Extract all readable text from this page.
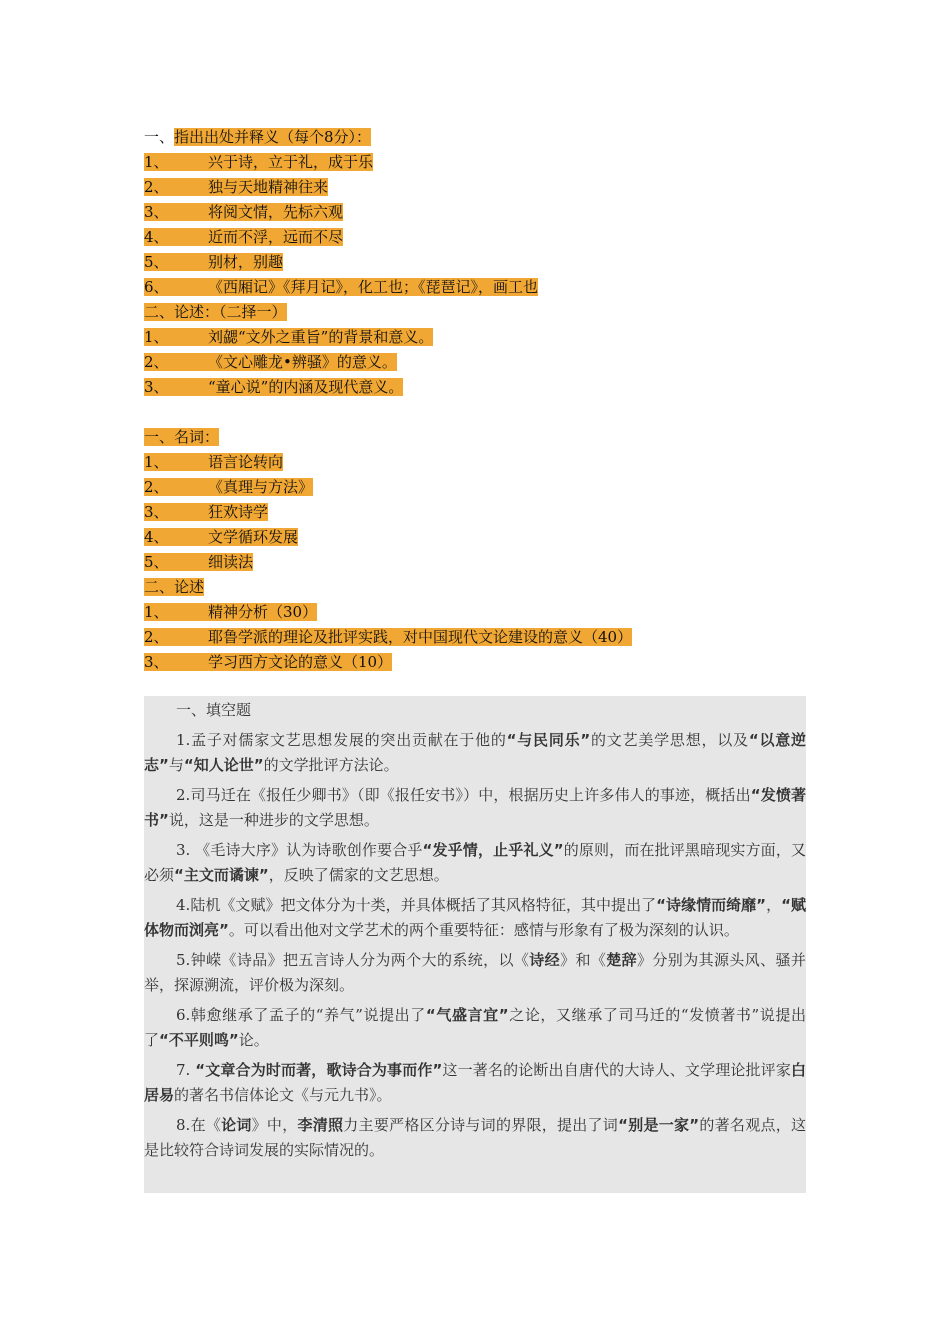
一、指出出处并释义（每个8分）：
1、	兴于诗，立于礼，成于乐
2、	独与天地精神往来
3、	将阅文情，先标六观
4、	近而不浮，远而不尽
5、	别材，别趣
6、	《西厢记》《拜月记》，化工也；《琵琶记》，画工也
二、论述：（二择一）
1、	刘勰“文外之重旨”的背景和意义。
2、	《文心雕龙•辨骚》的意义。
3、	“童心说”的内涵及现代意义。
一、名词：
1、	语言论转向
2、	《真理与方法》
3、	狂欢诗学
4、	文学循环发展
5、	细读法
二、论述
1、	精神分析（30）
2、	耶鲁学派的理论及批评实践，对中国现代文论建设的意义（40）
3、	学习西方文论的意义（10）

一、填空题

1.孟子对儒家文艺思想发展的突出贡献在于他的“与民同乐”的文艺美学思想，以及“以意逆志”与“知人论世”的文学批评方法论。

2.司马迁在《报任少卿书》（即《报任安书》）中，根据历史上许多伟人的事迹，概括出“发愤著书”说，这是一种进步的文学思想。

3. 《毛诗大序》认为诗歌创作要合乎“发乎情，止乎礼义”的原则，而在批评黑暗现实方面，又必须“主文而谲谏”，反映了儒家的文艺思想。

4.陆机《文赋》把文体分为十类，并具体概括了其风格特征，其中提出了“诗缘情而绮靡”，“赋体物而浏亮”。可以看出他对文学艺术的两个重要特征：感情与形象有了极为深刻的认识。

5.钟嵘《诗品》把五言诗人分为两个大的系统，以《诗经》和《楚辞》分别为其源头风、骚并举，探源溯流，评价极为深刻。

6.韩愈继承了孟子的“养气”说提出了“气盛言宜”之论，又继承了司马迁的“发愤著书”说提出了“不平则鸣”论。

7. “文章合为时而著，歌诗合为事而作”这一著名的论断出自唐代的大诗人、文学理论批评家白居易的著名书信体论文《与元九书》。

8.在《论词》中，李清照力主要严格区分诗与词的界限，提出了词“别是一家”的著名观点，这是比较符合诗词发展的实际情况的。
